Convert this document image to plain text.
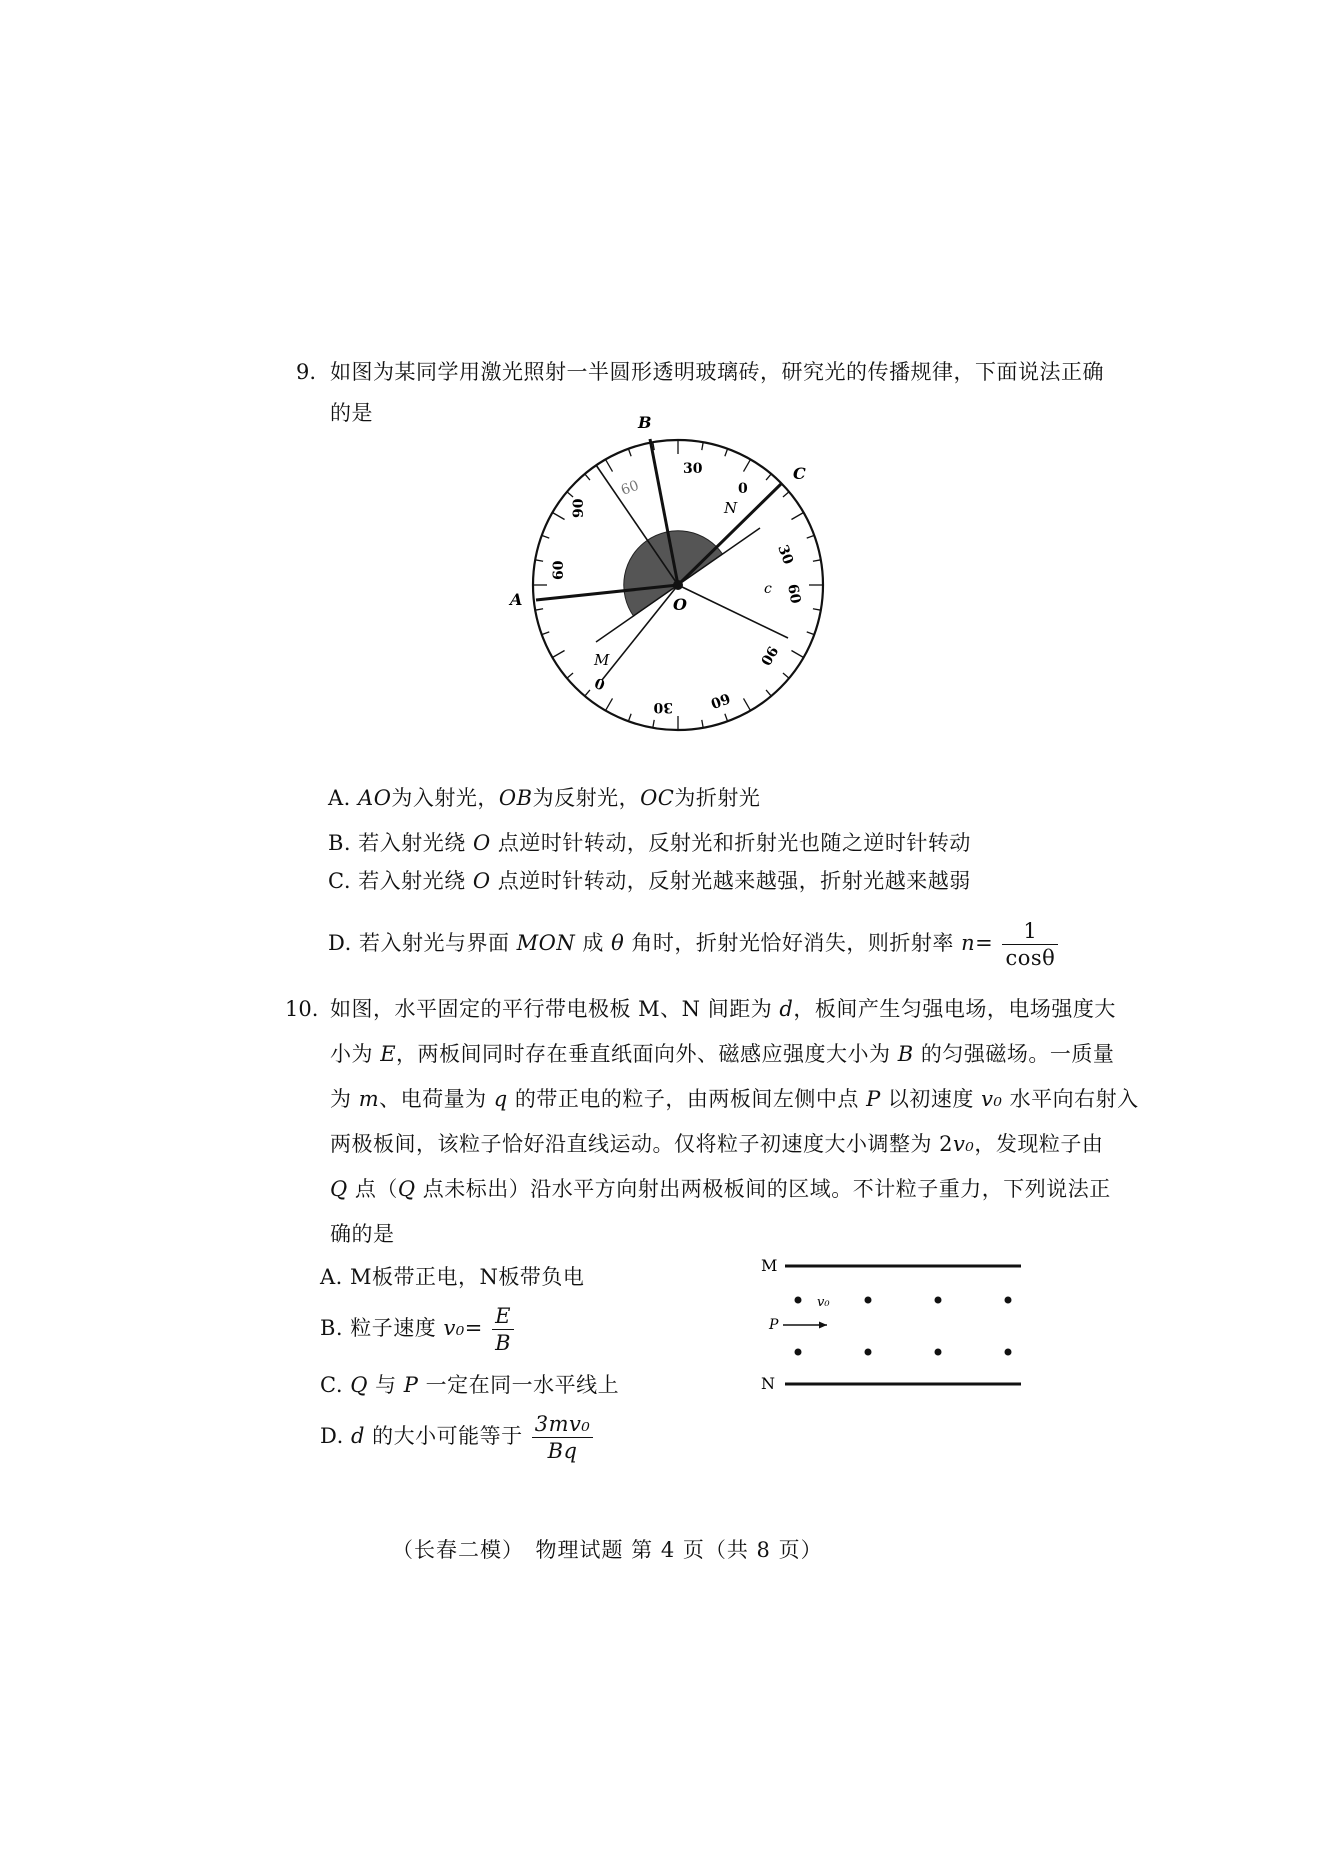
9. 如图为某同学用激光照射一半圆形透明玻璃砖，研究光的传播规律，下面说法正确
的是
60
30
0
30
60
90
60
30
0
90
60
A
B
C
O
M
N
c
A. AO为入射光，OB为反射光，OC为折射光
B. 若入射光绕 O 点逆时针转动，反射光和折射光也随之逆时针转动
C. 若入射光绕 O 点逆时针转动，反射光越来越强，折射光越来越弱
D. 若入射光与界面 MON 成 θ 角时，折射光恰好消失，则折射率 $n= \frac{1}{\cos\theta}$
10. 如图，水平固定的平行带电极板 M、N 间距为 d，板间产生匀强电场，电场强度大
小为 E，两板间同时存在垂直纸面向外、磁感应强度大小为 B 的匀强磁场。一质量
为 m、电荷量为 q 的带正电的粒子，由两板间左侧中点 P 以初速度 v₀ 水平向右射入
两极板间，该粒子恰好沿直线运动。仅将粒子初速度大小调整为 2v₀，发现粒子由
Q 点（Q 点未标出）沿水平方向射出两极板间的区域。不计粒子重力，下列说法正
确的是
A. M板带正电，N板带负电
B. 粒子速度 $v_0= \frac{E}{B}$
C. Q 与 P 一定在同一水平线上
D. d 的大小可能等于 $\frac{\text{3mv₀}}{Bq}$
M
N
P
v₀
（长春二模）　物理试题 第 4 页（共 8 页）
